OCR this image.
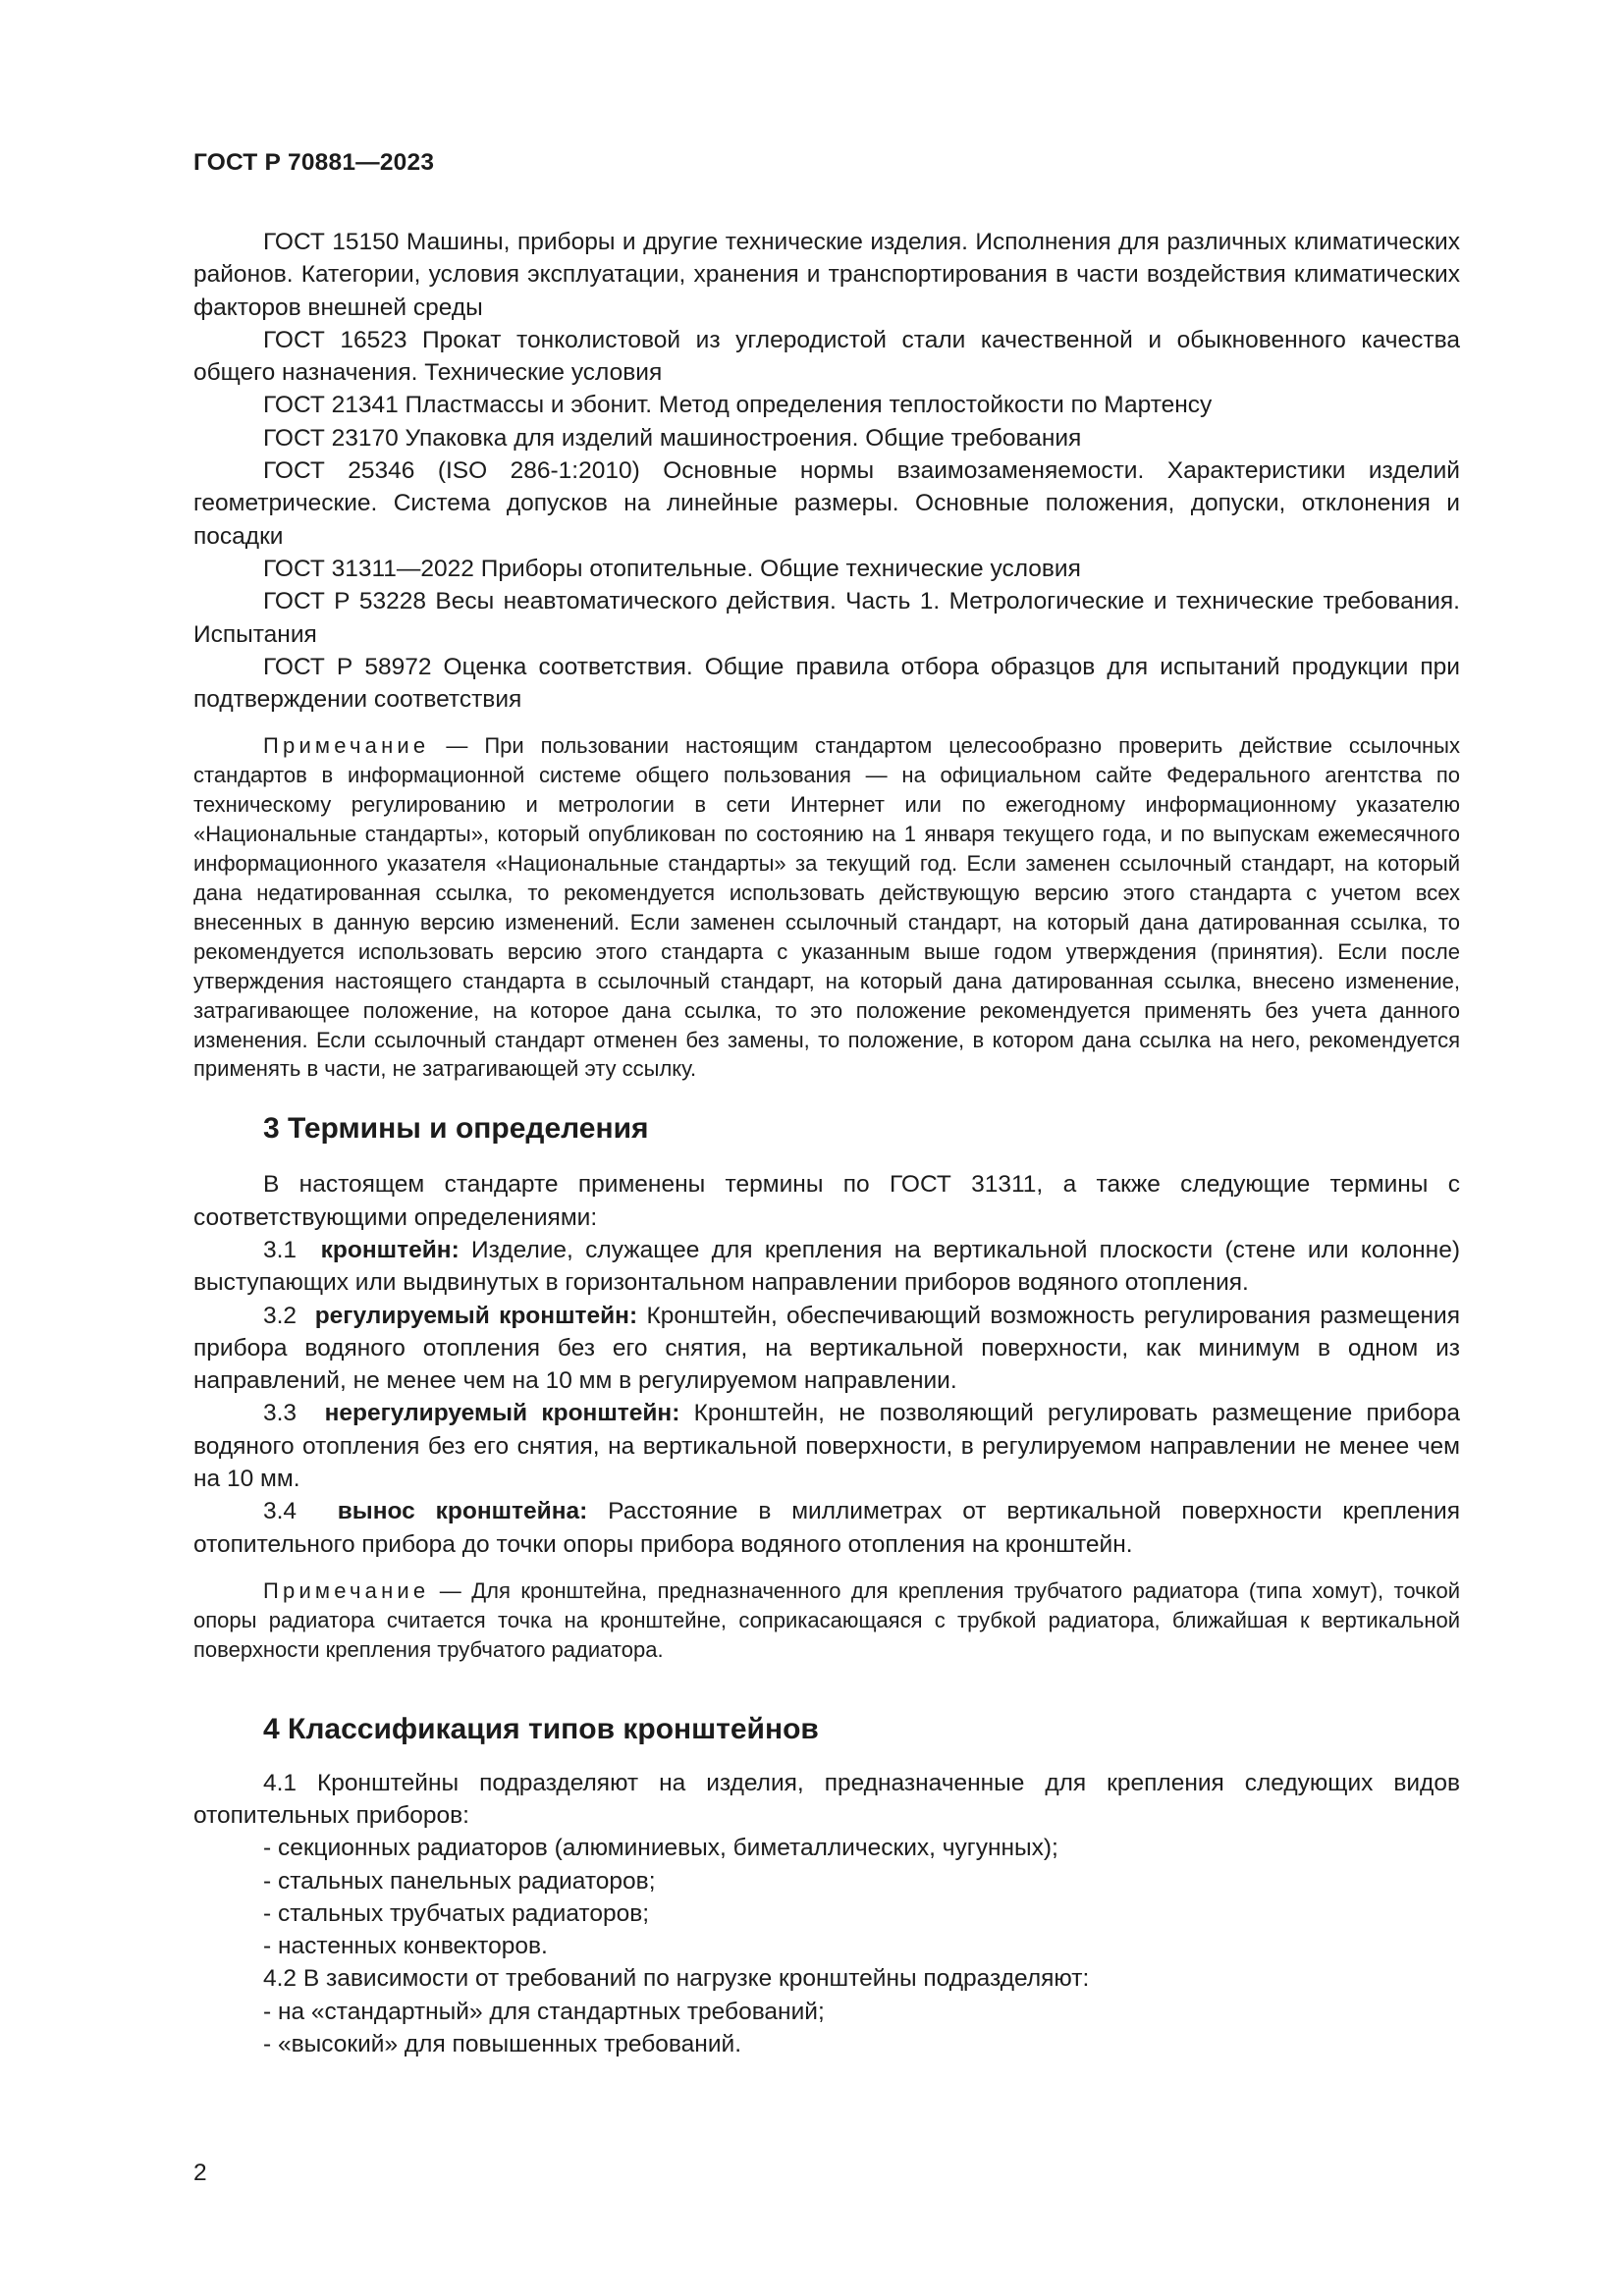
ГОСТ Р 70881—2023

ГОСТ 15150 Машины, приборы и другие технические изделия. Исполнения для различных климатических районов. Категории, условия эксплуатации, хранения и транспортирования в части воздействия климатических факторов внешней среды

ГОСТ 16523 Прокат тонколистовой из углеродистой стали качественной и обыкновенного качества общего назначения. Технические условия

ГОСТ 21341 Пластмассы и эбонит. Метод определения теплостойкости по Мартенсу

ГОСТ 23170 Упаковка для изделий машиностроения. Общие требования

ГОСТ 25346 (ISO 286-1:2010) Основные нормы взаимозаменяемости. Характеристики изделий геометрические. Система допусков на линейные размеры. Основные положения, допуски, отклонения и посадки

ГОСТ 31311—2022 Приборы отопительные. Общие технические условия

ГОСТ Р 53228 Весы неавтоматического действия. Часть 1. Метрологические и технические требования. Испытания

ГОСТ Р 58972 Оценка соответствия. Общие правила отбора образцов для испытаний продукции при подтверждении соответствия

Примечание — При пользовании настоящим стандартом целесообразно проверить действие ссылочных стандартов в информационной системе общего пользования — на официальном сайте Федерального агентства по техническому регулированию и метрологии в сети Интернет или по ежегодному информационному указателю «Национальные стандарты», который опубликован по состоянию на 1 января текущего года, и по выпускам ежемесячного информационного указателя «Национальные стандарты» за текущий год. Если заменен ссылочный стандарт, на который дана недатированная ссылка, то рекомендуется использовать действующую версию этого стандарта с учетом всех внесенных в данную версию изменений. Если заменен ссылочный стандарт, на который дана датированная ссылка, то рекомендуется использовать версию этого стандарта с указанным выше годом утверждения (принятия). Если после утверждения настоящего стандарта в ссылочный стандарт, на который дана датированная ссылка, внесено изменение, затрагивающее положение, на которое дана ссылка, то это положение рекомендуется применять без учета данного изменения. Если ссылочный стандарт отменен без замены, то положение, в котором дана ссылка на него, рекомендуется применять в части, не затрагивающей эту ссылку.

3 Термины и определения

В настоящем стандарте применены термины по ГОСТ 31311, а также следующие термины с соответствующими определениями:

3.1 кронштейн: Изделие, служащее для крепления на вертикальной плоскости (стене или колонне) выступающих или выдвинутых в горизонтальном направлении приборов водяного отопления.

3.2 регулируемый кронштейн: Кронштейн, обеспечивающий возможность регулирования размещения прибора водяного отопления без его снятия, на вертикальной поверхности, как минимум в одном из направлений, не менее чем на 10 мм в регулируемом направлении.

3.3 нерегулируемый кронштейн: Кронштейн, не позволяющий регулировать размещение прибора водяного отопления без его снятия, на вертикальной поверхности, в регулируемом направлении не менее чем на 10 мм.

3.4 вынос кронштейна: Расстояние в миллиметрах от вертикальной поверхности крепления отопительного прибора до точки опоры прибора водяного отопления на кронштейн.

Примечание — Для кронштейна, предназначенного для крепления трубчатого радиатора (типа хомут), точкой опоры радиатора считается точка на кронштейне, соприкасающаяся с трубкой радиатора, ближайшая к вертикальной поверхности крепления трубчатого радиатора.

4 Классификация типов кронштейнов

4.1 Кронштейны подразделяют на изделия, предназначенные для крепления следующих видов отопительных приборов:

- секционных радиаторов (алюминиевых, биметаллических, чугунных);
- стальных панельных радиаторов;
- стальных трубчатых радиаторов;
- настенных конвекторов.

4.2 В зависимости от требований по нагрузке кронштейны подразделяют:

- на «стандартный» для стандартных требований;
- «высокий» для повышенных требований.
2
